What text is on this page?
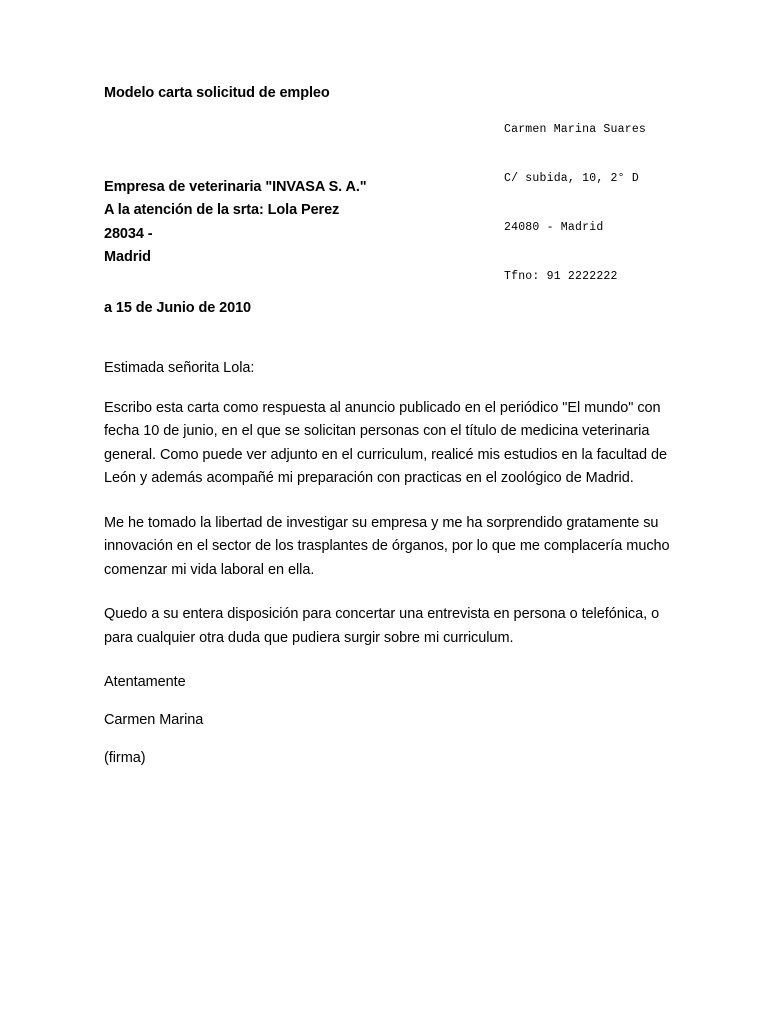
Modelo carta solicitud de empleo

Carmen Marina Suares

C/ subida, 10, 2° D

24080 - Madrid

Tfno: 91 2222222

Empresa de veterinaria "INVASA S. A."
A la atención de la srta: Lola Perez
28034 -
Madrid
a 15 de Junio de 2010
Estimada señorita Lola:

Escribo esta carta como respuesta al anuncio publicado en el periódico "El mundo" con fecha 10 de junio, en el que se solicitan personas con el título de medicina veterinaria general. Como puede ver adjunto en el curriculum, realicé mis estudios en la facultad de León y además acompañé mi preparación con practicas en el zoológico de Madrid.

Me he tomado la libertad de investigar su empresa y me ha sorprendido gratamente su innovación en el sector de los trasplantes de órganos, por lo que me complacería mucho comenzar mi vida laboral en ella.

Quedo a su entera disposición para concertar una entrevista en persona o telefónica, o para cualquier otra duda que pudiera surgir sobre mi curriculum.

Atentamente
Carmen Marina
(firma)
